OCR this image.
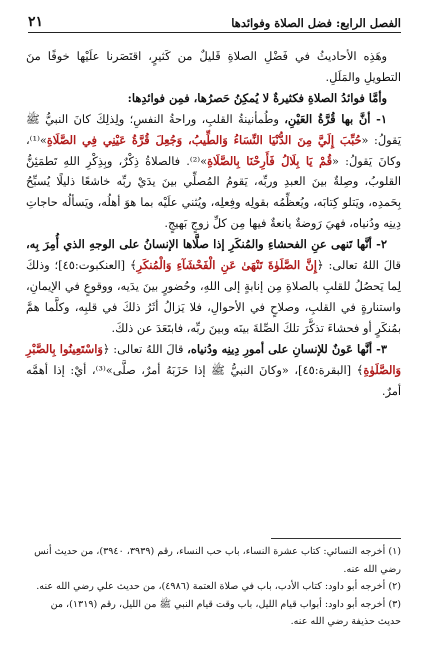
الفصل الرابع: فضل الصلاة وفوائدها
٢١

وهَذِه الأحاديثُ في فَضْلِ الصلاةِ قَليلٌ من كَثيرٍ، اقتَصَرنا علَيْها خوفًا منَ التطويلِ والمَلَلِ.

وأمَّا فوائدُ الصلاةِ فكثيرةٌ لا يُمكِنُ حَصرُها، فمِن فوائدِها:

١- أنَّ بها قُرَّةُ العَيْنِ، وطُمأنينةُ القلبِ، وراحةُ النفسِ؛ ولِذلِكَ كانَ النبيُّ ﷺ يَقولُ: «حُبِّبَ إِلَيَّ مِنَ الدُّنْيَا النِّسَاءُ وَالطِّيبُ، وَجُعِلَ قُرَّةُ عَيْنِي فِي الصَّلَاةِ»⁽¹⁾، وكانَ يَقولُ: «قُمْ يَا بِلَالُ فَأَرِحْنَا بِالصَّلَاةِ»⁽²⁾. فالصلاةُ ذِكْرٌ، وبِذِكْرِ اللهِ تَطمَئِنُّ القلوبُ، وصِلةٌ بينَ العبدِ وربِّه، يَقومُ المُصلِّي بينَ يدَيْ ربِّه خاشعًا ذليلًا يُسبِّحُ بِحَمدِه، ويَتلو كِتابَه، ويُعظِّمُه بقولِه وفِعلِه، ويُثني علَيْه بما هوَ أهلُه، ويَسألُه حاجاتِ دِينِه ودُنياه، فهيَ رَوضةٌ يانعةٌ فيها مِن كلِّ زوجٍ بَهيجٍ.

٢- أنَّها تَنهى عنِ الفحشاءِ والمُنكَرِ إذا صلَّاها الإنسانُ على الوجهِ الذي أُمِرَ بِه، قالَ اللهُ تعالى: ﴿إِنَّ الصَّلَوٰةَ تَنْهَىٰ عَنِ الْفَحْشَآءِ وَالْمُنكَرِ﴾ [العنكبوت:٤٥]؛ وذلكَ لِما يَحصُلُ للقلبِ بالصلاةِ مِن إنابةٍ إلى اللهِ، وحُضورٍ بينَ يدَيه، ووقوعٍ في الإيمانِ، واستنارةٍ في القلبِ، وصلاحٍ في الأحوالِ، فلا يَزالُ أثَرُ ذلكَ في قلبِه، وكلَّما همَّ بمُنكَرٍ أو فحشاءَ تذكَّرَ تلكَ الصِّلةَ بينَه وبينَ ربِّه، فابتَعَدَ عن ذلكَ.

٣- أنَّها عَونٌ للإنسانِ على أمورِ دِينِه ودُنياه، قالَ اللهُ تعالى: ﴿وَاسْتَعِينُوا بِالصَّبْرِ وَالصَّلَوٰةِ﴾ [البقرة:٤٥]، «وكانَ النبيُّ ﷺ إذا حَزَبَهُ أمرٌ، صلَّى»⁽³⁾، أيْ: إذا أهمَّه أمرٌ.

(١) أخرجه النسائي: كتاب عشرة النساء، باب حب النساء، رقم (٣٩٣٩، ٣٩٤٠)، من حديث أنس رضي الله عنه.

(٢) أخرجه أبو داود: كتاب الأدب، باب في صلاة العتمة (٤٩٨٦)، من حديث علي رضي الله عنه.

(٣) أخرجه أبو داود: أبواب قيام الليل، باب وقت قيام النبي ﷺ من الليل، رقم (١٣١٩)، من حديث حذيفة رضي الله عنه.
